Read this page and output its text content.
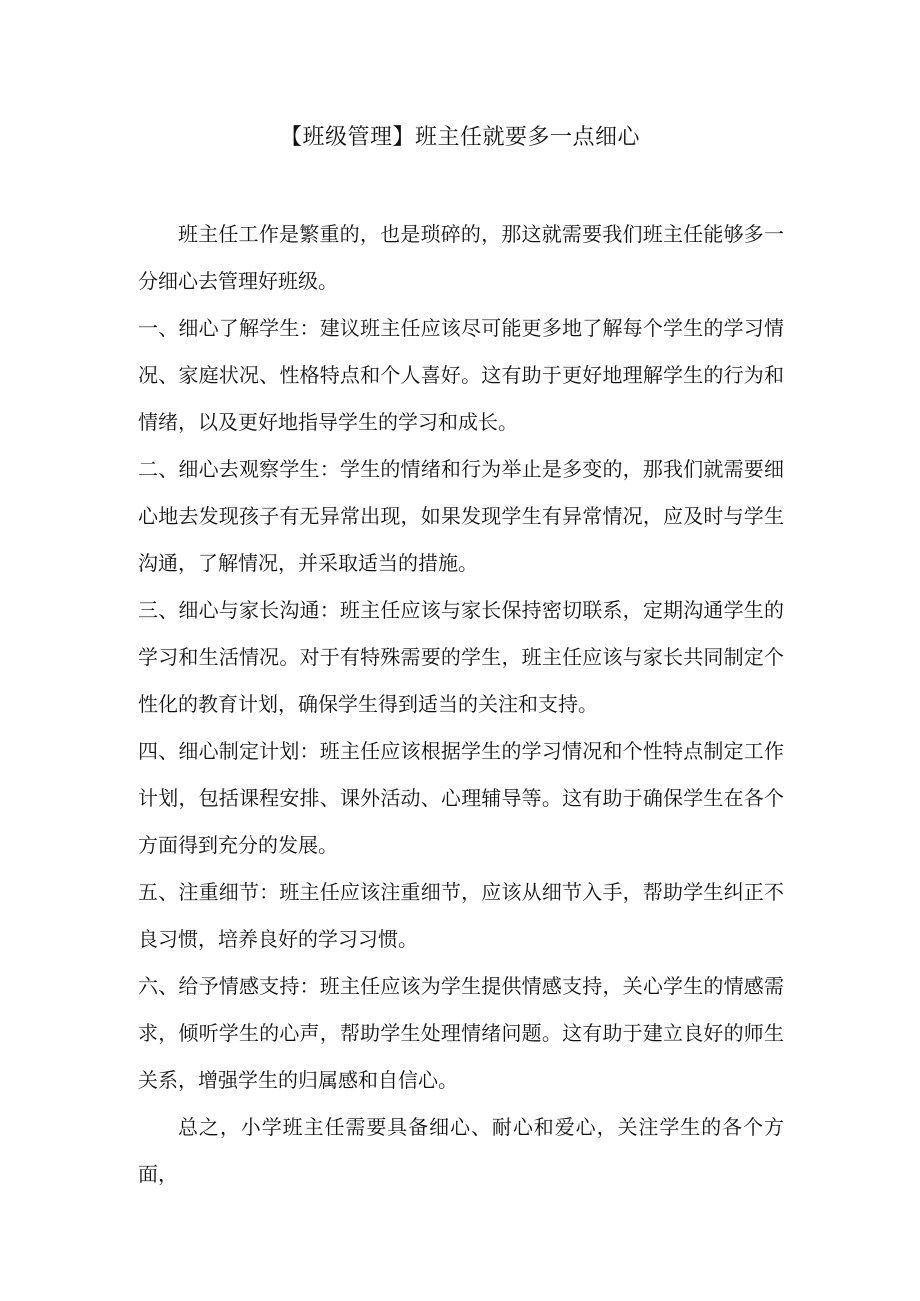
【班级管理】班主任就要多一点细心

班主任工作是繁重的，也是琐碎的，那这就需要我们班主任能够多一分细心去管理好班级。

一、细心了解学生：建议班主任应该尽可能更多地了解每个学生的学习情况、家庭状况、性格特点和个人喜好。这有助于更好地理解学生的行为和情绪，以及更好地指导学生的学习和成长。

二、细心去观察学生：学生的情绪和行为举止是多变的，那我们就需要细心地去发现孩子有无异常出现，如果发现学生有异常情况，应及时与学生沟通，了解情况，并采取适当的措施。

三、细心与家长沟通：班主任应该与家长保持密切联系，定期沟通学生的学习和生活情况。对于有特殊需要的学生，班主任应该与家长共同制定个性化的教育计划，确保学生得到适当的关注和支持。

四、细心制定计划：班主任应该根据学生的学习情况和个性特点制定工作计划，包括课程安排、课外活动、心理辅导等。这有助于确保学生在各个方面得到充分的发展。

五、注重细节：班主任应该注重细节，应该从细节入手，帮助学生纠正不良习惯，培养良好的学习习惯。

六、给予情感支持：班主任应该为学生提供情感支持，关心学生的情感需求，倾听学生的心声，帮助学生处理情绪问题。这有助于建立良好的师生关系，增强学生的归属感和自信心。

总之，小学班主任需要具备细心、耐心和爱心，关注学生的各个方面，
